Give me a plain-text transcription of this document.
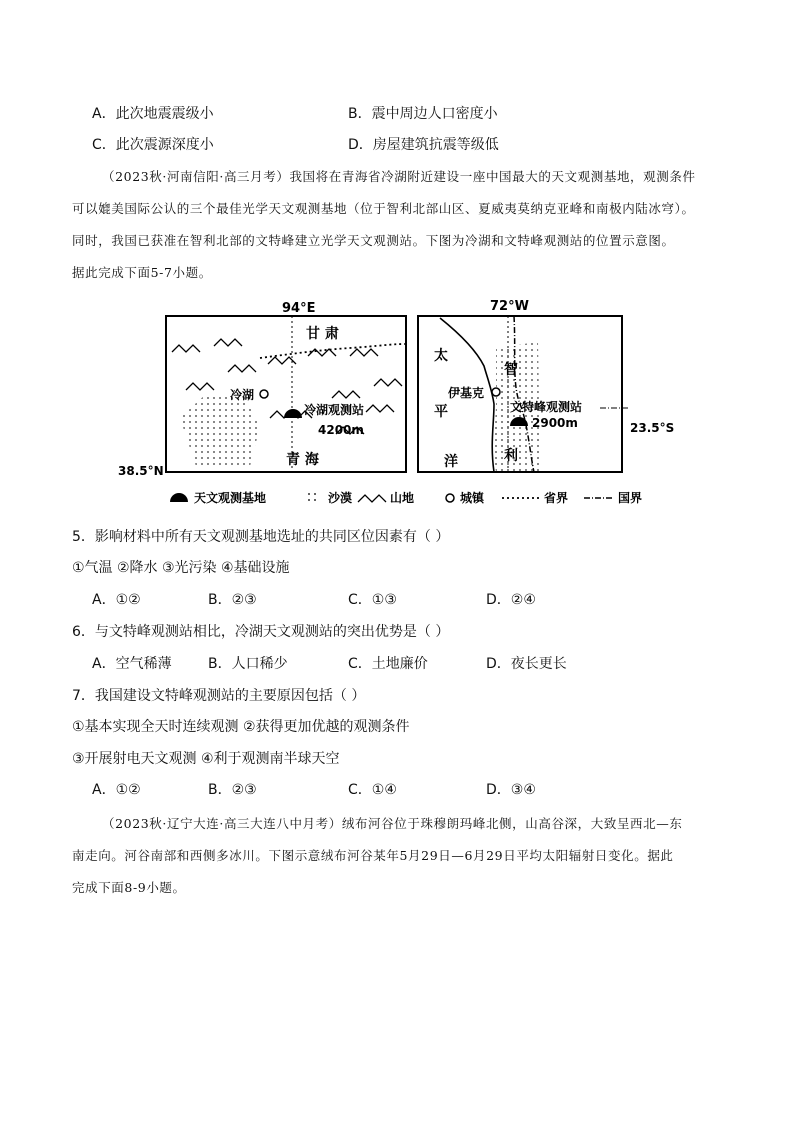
A．此次地震震级小	B．震中周边人口密度小
C．此次震源深度小	D．房屋建筑抗震等级低
（2023秋·河南信阳·高三月考）我国将在青海省冷湖附近建设一座中国最大的天文观测基地，观测条件
可以媲美国际公认的三个最佳光学天文观测基地（位于智利北部山区、夏威夷莫纳克亚峰和南极内陆冰穹）。
同时，我国已获准在智利北部的文特峰建立光学天文观测站。下图为冷湖和文特峰观测站的位置示意图。
据此完成下面5-7小题。
94°E
38.5°N
甘 肃
青 海
冷湖
冷湖观测站
4200m
72°W
23.5°S
太
平
洋
智
利
伊基克
文特峰观测站
2900m
天文观测基地	沙漠	山地	城镇	省界	国界
5．影响材料中所有天文观测基地选址的共同区位因素有（ ）
①气温 ②降水 ③光污染 ④基础设施
A．①②	B．②③	C．①③	D．②④
6．与文特峰观测站相比，冷湖天文观测站的突出优势是（ ）
A．空气稀薄	B．人口稀少	C．土地廉价	D．夜长更长
7．我国建设文特峰观测站的主要原因包括（ ）
①基本实现全天时连续观测 ②获得更加优越的观测条件
③开展射电天文观测 ④利于观测南半球天空
A．①②	B．②③	C．①④	D．③④
（2023秋·辽宁大连·高三大连八中月考）绒布河谷位于珠穆朗玛峰北侧，山高谷深，大致呈西北—东
南走向。河谷南部和西侧多冰川。下图示意绒布河谷某年5月29日—6月29日平均太阳辐射日变化。据此
完成下面8-9小题。
